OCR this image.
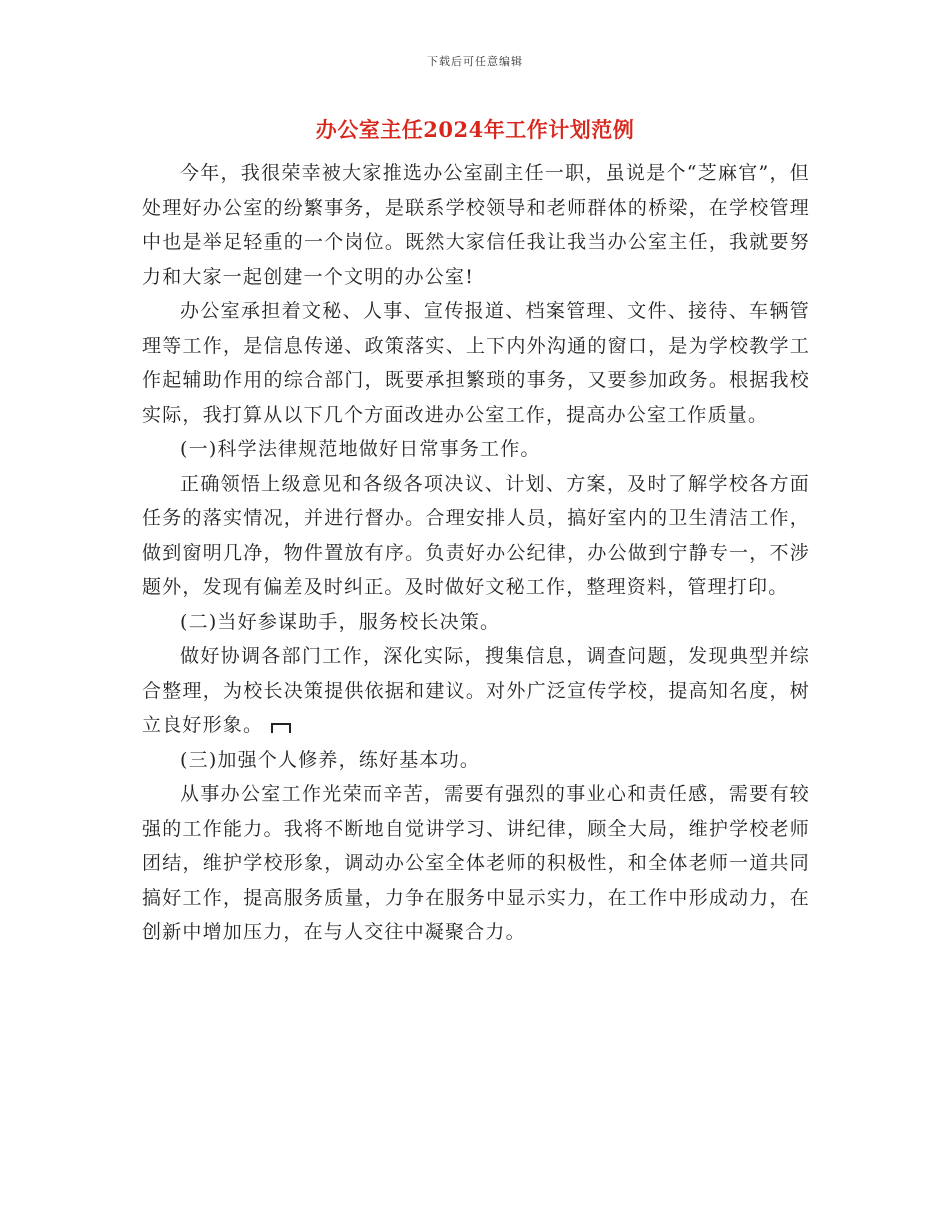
下载后可任意编辑
办公室主任2024年工作计划范例

今年，我很荣幸被大家推选办公室副主任一职，虽说是个“芝麻官”，但处理好办公室的纷繁事务，是联系学校领导和老师群体的桥梁，在学校管理中也是举足轻重的一个岗位。既然大家信任我让我当办公室主任，我就要努力和大家一起创建一个文明的办公室!

办公室承担着文秘、人事、宣传报道、档案管理、文件、接待、车辆管理等工作，是信息传递、政策落实、上下内外沟通的窗口，是为学校教学工作起辅助作用的综合部门，既要承担繁琐的事务，又要参加政务。根据我校实际，我打算从以下几个方面改进办公室工作，提高办公室工作质量。

(一)科学法律规范地做好日常事务工作。

正确领悟上级意见和各级各项决议、计划、方案，及时了解学校各方面任务的落实情况，并进行督办。合理安排人员，搞好室内的卫生清洁工作，做到窗明几净，物件置放有序。负责好办公纪律，办公做到宁静专一，不涉题外，发现有偏差及时纠正。及时做好文秘工作，整理资料，管理打印。

(二)当好参谋助手，服务校长决策。

做好协调各部门工作，深化实际，搜集信息，调查问题，发现典型并综合整理，为校长决策提供依据和建议。对外广泛宣传学校，提高知名度，树立良好形象。

(三)加强个人修养，练好基本功。

从事办公室工作光荣而辛苦，需要有强烈的事业心和责任感，需要有较强的工作能力。我将不断地自觉讲学习、讲纪律，顾全大局，维护学校老师团结，维护学校形象，调动办公室全体老师的积极性，和全体老师一道共同搞好工作，提高服务质量，力争在服务中显示实力，在工作中形成动力，在创新中增加压力，在与人交往中凝聚合力。
